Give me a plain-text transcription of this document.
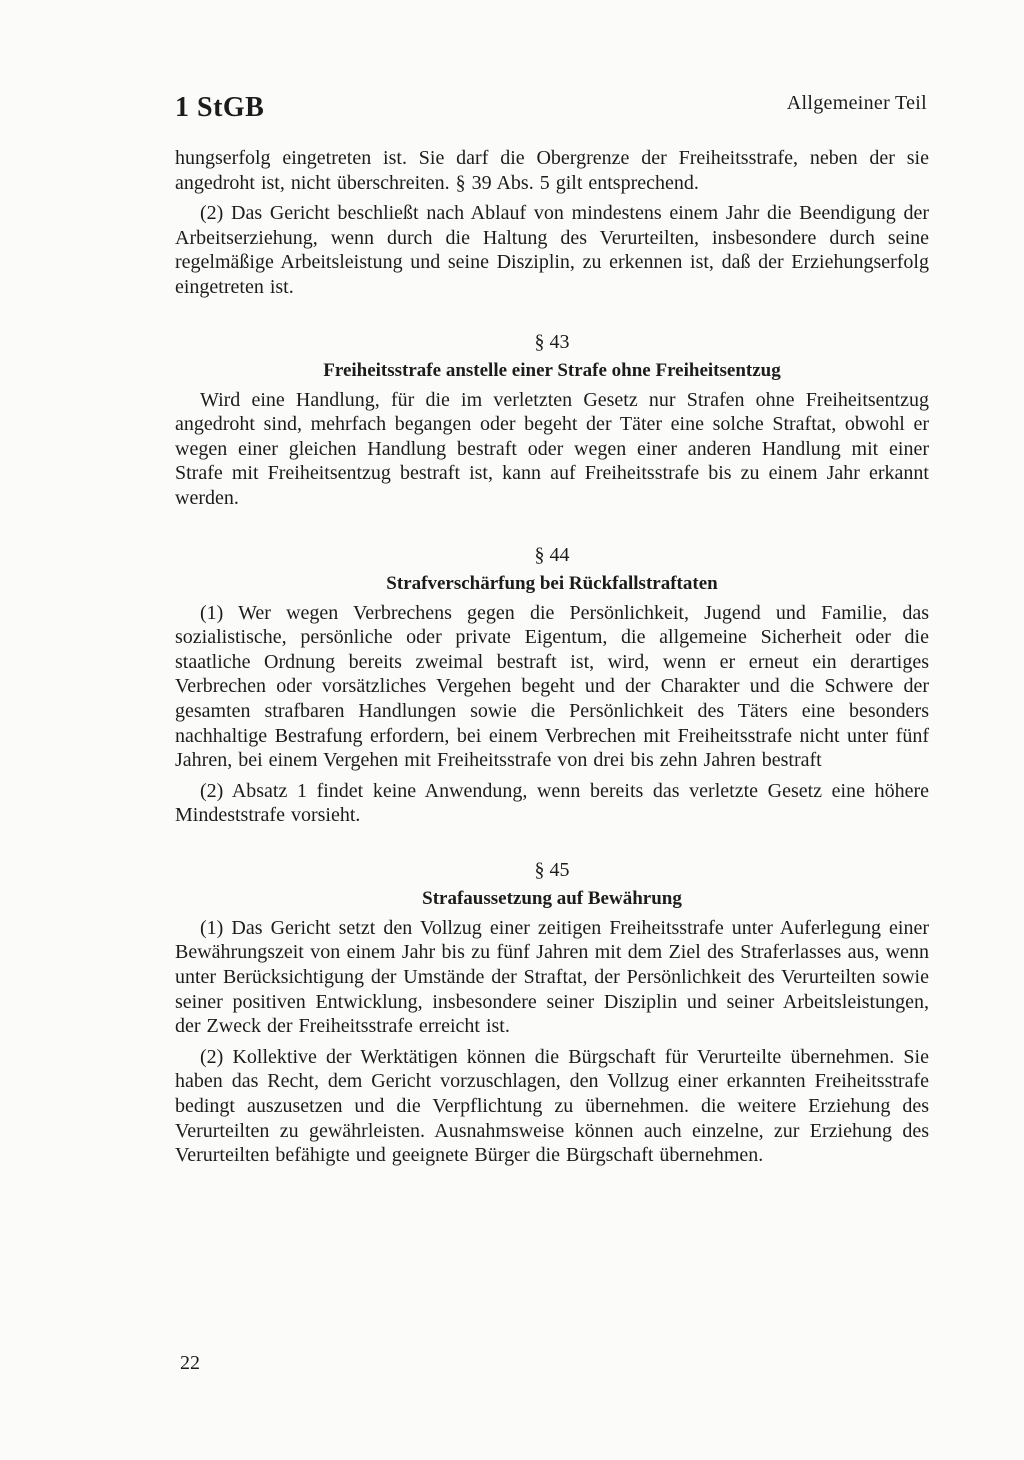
1 StGB	Allgemeiner Teil

hungserfolg eingetreten ist. Sie darf die Obergrenze der Freiheitsstrafe, neben der sie angedroht ist, nicht überschreiten. § 39 Abs. 5 gilt entsprechend.

(2) Das Gericht beschließt nach Ablauf von mindestens einem Jahr die Beendigung der Arbeitserziehung, wenn durch die Haltung des Verurteilten, insbesondere durch seine regelmäßige Arbeitsleistung und seine Disziplin, zu erkennen ist, daß der Erziehungserfolg eingetreten ist.

§ 43

Freiheitsstrafe anstelle einer Strafe ohne Freiheitsentzug

Wird eine Handlung, für die im verletzten Gesetz nur Strafen ohne Freiheitsentzug angedroht sind, mehrfach begangen oder begeht der Täter eine solche Straftat, obwohl er wegen einer gleichen Handlung bestraft oder wegen einer anderen Handlung mit einer Strafe mit Freiheitsentzug bestraft ist, kann auf Freiheitsstrafe bis zu einem Jahr erkannt werden.

§ 44

Strafverschärfung bei Rückfallstraftaten

(1) Wer wegen Verbrechens gegen die Persönlichkeit, Jugend und Familie, das sozialistische, persönliche oder private Eigentum, die allgemeine Sicherheit oder die staatliche Ordnung bereits zweimal bestraft ist, wird, wenn er erneut ein derartiges Verbrechen oder vorsätzliches Vergehen begeht und der Charakter und die Schwere der gesamten strafbaren Handlungen sowie die Persönlichkeit des Täters eine besonders nachhaltige Bestrafung erfordern, bei einem Verbrechen mit Freiheitsstrafe nicht unter fünf Jahren, bei einem Vergehen mit Freiheitsstrafe von drei bis zehn Jahren bestraft

(2) Absatz 1 findet keine Anwendung, wenn bereits das verletzte Gesetz eine höhere Mindeststrafe vorsieht.

§ 45

Strafaussetzung auf Bewährung

(1) Das Gericht setzt den Vollzug einer zeitigen Freiheitsstrafe unter Auferlegung einer Bewährungszeit von einem Jahr bis zu fünf Jahren mit dem Ziel des Straferlasses aus, wenn unter Berücksichtigung der Umstände der Straftat, der Persönlichkeit des Verurteilten sowie seiner positiven Entwicklung, insbesondere seiner Disziplin und seiner Arbeitsleistungen, der Zweck der Freiheitsstrafe erreicht ist.

(2) Kollektive der Werktätigen können die Bürgschaft für Verurteilte übernehmen. Sie haben das Recht, dem Gericht vorzuschlagen, den Vollzug einer erkannten Freiheitsstrafe bedingt auszusetzen und die Verpflichtung zu übernehmen. die weitere Erziehung des Verurteilten zu gewährleisten. Ausnahmsweise können auch einzelne, zur Erziehung des Verurteilten befähigte und geeignete Bürger die Bürgschaft übernehmen.

22
